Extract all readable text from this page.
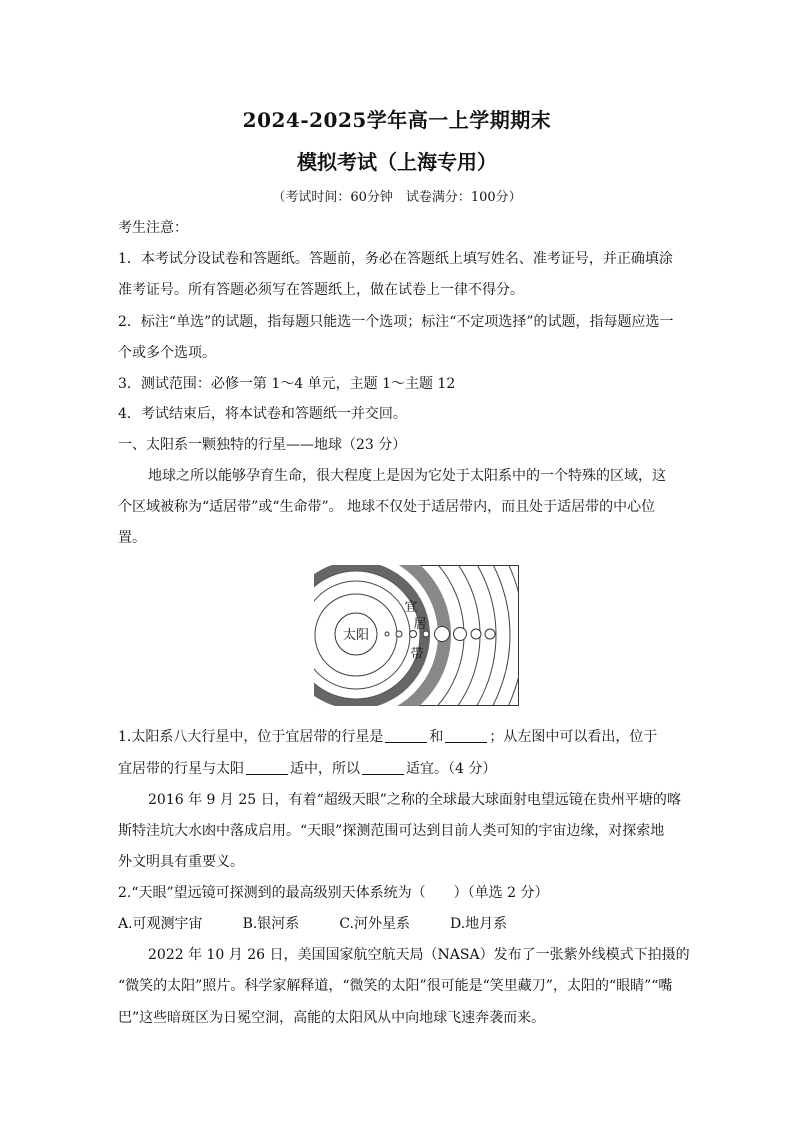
2024-2025学年高一上学期期末
模拟考试（上海专用）
（考试时间：60分钟　试卷满分：100分）
考生注意：
1．本考试分设试卷和答题纸。答题前，务必在答题纸上填写姓名、准考证号，并正确填涂
准考证号。所有答题必须写在答题纸上，做在试卷上一律不得分。
2．标注“单选”的试题，指每题只能选一个选项；标注“不定项选择”的试题，指每题应选一
个或多个选项。
3．测试范围：必修一第 1～4 单元，主题 1～主题 12
4．考试结束后，将本试卷和答题纸一并交回。
一、太阳系一颗独特的行星——地球（23 分）
地球之所以能够孕育生命，很大程度上是因为它处于太阳系中的一个特殊的区域，这
个区域被称为“适居带”或“生命带”。 地球不仅处于适居带内，而且处于适居带的中心位
置。
太阳
宜
居
带
1.太阳系八大行星中，位于宜居带的行星是	和	；从左图中可以看出，位于
宜居带的行星与太阳	适中，所以	适宜。（4 分）
2016 年 9 月 25 日，有着“超级天眼”之称的全球最大球面射电望远镜在贵州平塘的喀
斯特洼坑大水凼中落成启用。“天眼”探测范围可达到目前人类可知的宇宙边缘，对探索地
外文明具有重要义。
2.“天眼”望远镜可探测到的最高级别天体系统为（　　）（单选 2 分）
A.可观测宇宙	B.银河系	C.河外星系	D.地月系
2022 年 10 月 26 日，美国国家航空航天局（NASA）发布了一张紫外线模式下拍摄的
“微笑的太阳”照片。科学家解释道，“微笑的太阳”很可能是“笑里藏刀”，太阳的“眼睛”“嘴
巴”这些暗斑区为日冕空洞，高能的太阳风从中向地球飞速奔袭而来。
